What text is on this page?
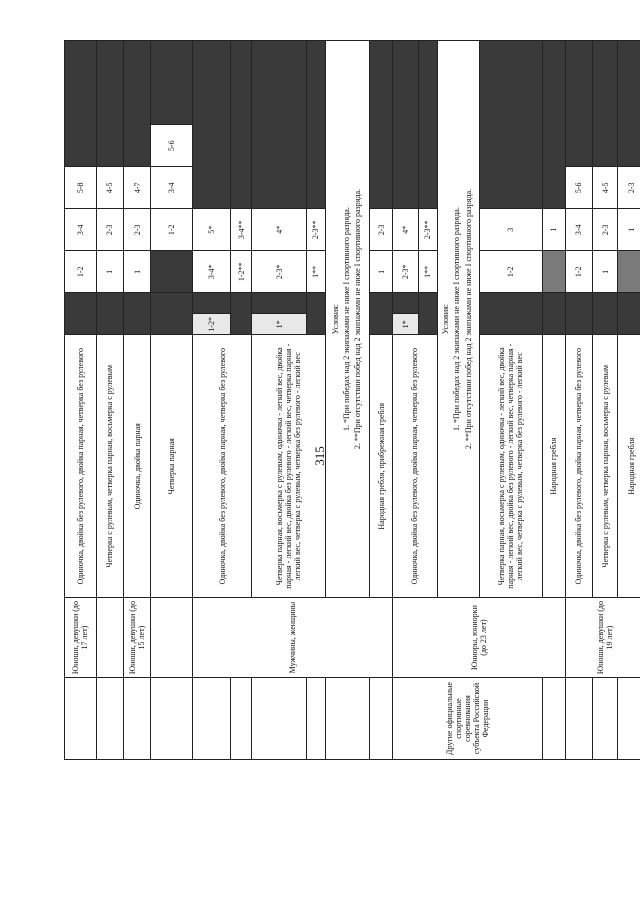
315
	Юноши, девушки (до 17 лет)	Одиночка, двойка без рулевого, двойка парная, четверка без рулевого			1-2	3-4	5-8		
		Четверка с рулевым, четверка парная, восьмерка с рулевым			1	2-3	4-5		
	Юноши, девушки (до 15 лет)	Одиночка, двойка парная			1	2-3	4-7		
		Четверка парная				1-2	3-4	5-6	
	Мужчины, женщины	Одиночка, двойка без рулевого, двойка парная, четверка без рулевого	1-2*		3-4*	5*			
					1-2**	3-4**			
		Четверка парная, восьмерка с рулевым, одиночка - легкий вес, двойка парная - легкий вес, двойка без рулевого - легкий вес, четверка парная - легкий вес, четверка с рулевым, четверка без рулевого - легкий вес	1*		2-3*	4*			
					1**	2-3**			

		Условия: 1. *При победах над 2 экипажами не ниже I спортивного разряда. 2. **При отсутствии побед над 2 экипажами не ниже I спортивного разряда.							

		Народная гребля, прибрежная гребля			1	2-3			
Другие официальные спортивные соревнования субъекта Российской Федерации	Юниоры, юниорки (до 23 лет)	Одиночка, двойка без рулевого, двойка парная, четверка без рулевого	1*		2-3*	4*			
					1**	2-3**			

		Условия: 1. *При победах над 2 экипажами не ниже I спортивного разряда. 2. **При отсутствии побед над 2 экипажами не ниже I спортивного разряда.							

		Четверка парная, восьмерка с рулевым, одиночка - легкий вес, двойка парная - легкий вес, двойка без рулевого - легкий вес, четверка парная - легкий вес, четверка с рулевым, четверка без рулевого - легкий вес			1-2	3			
		Народная гребля				1			
	Юноши, девушки (до 19 лет)	Одиночка, двойка без рулевого, двойка парная, четверка без рулевого			1-2	3-4	5-6		
		Четверка с рулевым, четверка парная, восьмерка с рулевым			1	2-3	4-5		
		Народная гребля				1	2-3		
